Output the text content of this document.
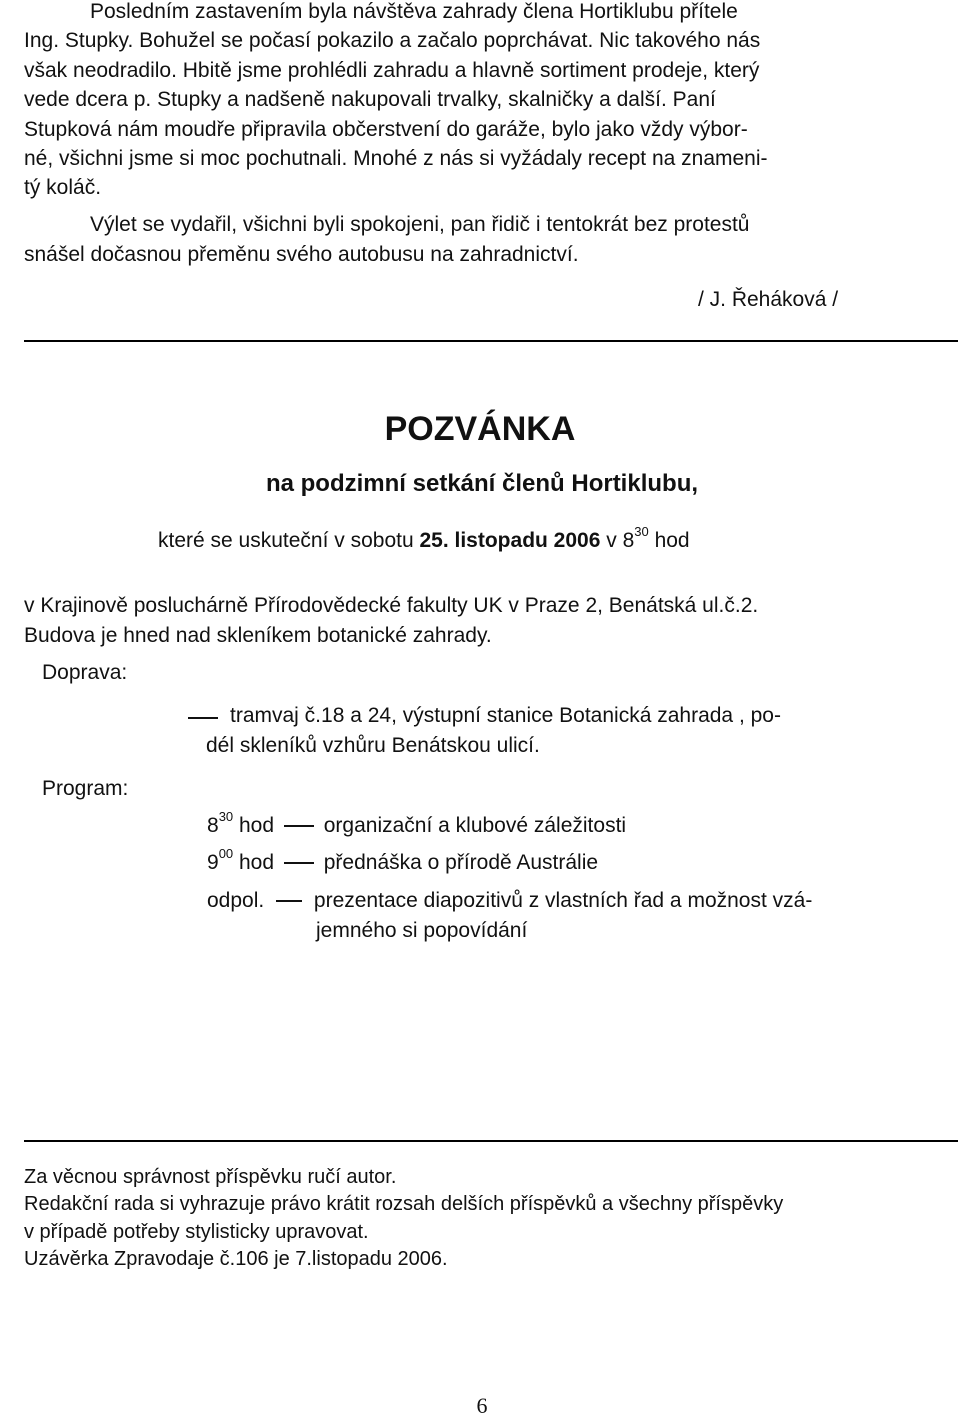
Posledním zastavením byla návštěva zahrady člena Hortiklubu přítele
Ing. Stupky. Bohužel se počasí pokazilo a začalo poprchávat. Nic takového nás
však neodradilo. Hbitě jsme prohlédli zahradu a hlavně sortiment prodeje, který
vede dcera p. Stupky a nadšeně nakupovali trvalky, skalničky a další. Paní
Stupková nám moudře připravila občerstvení do garáže, bylo jako vždy výbor-
né, všichni jsme si moc pochutnali. Mnohé z nás si vyžádaly recept na znameni-
tý koláč.
Výlet se vydařil, všichni byli spokojeni, pan řidič i tentokrát bez protestů
snášel dočasnou přeměnu svého autobusu na zahradnictví.
/ J. Řeháková /
POZVÁNKA
na podzimní setkání členů Hortiklubu,
které se uskuteční v sobotu 25. listopadu 2006 v $8^{30}$ hod
v Krajinově posluchárně Přírodovědecké fakulty UK v Praze 2, Benátská ul.č.2.
Budova je hned nad skleníkem botanické zahrady.
Doprava:
tramvaj č.18 a 24, výstupní stanice Botanická zahrada , po-
dél skleníků vzhůru Benátskou ulicí.
Program:
$8^{30}$ hod organizační a klubové záležitosti
$9^{00}$ hod přednáška o přírodě Austrálie
odpol. prezentace diapozitivů z vlastních řad a možnost vzá-
jemného si popovídání
Za věcnou správnost příspěvku ručí autor.
Redakční rada si vyhrazuje právo krátit rozsah delších příspěvků a všechny příspěvky
v případě potřeby stylisticky upravovat.
Uzávěrka Zpravodaje č.106 je 7.listopadu 2006.
6
